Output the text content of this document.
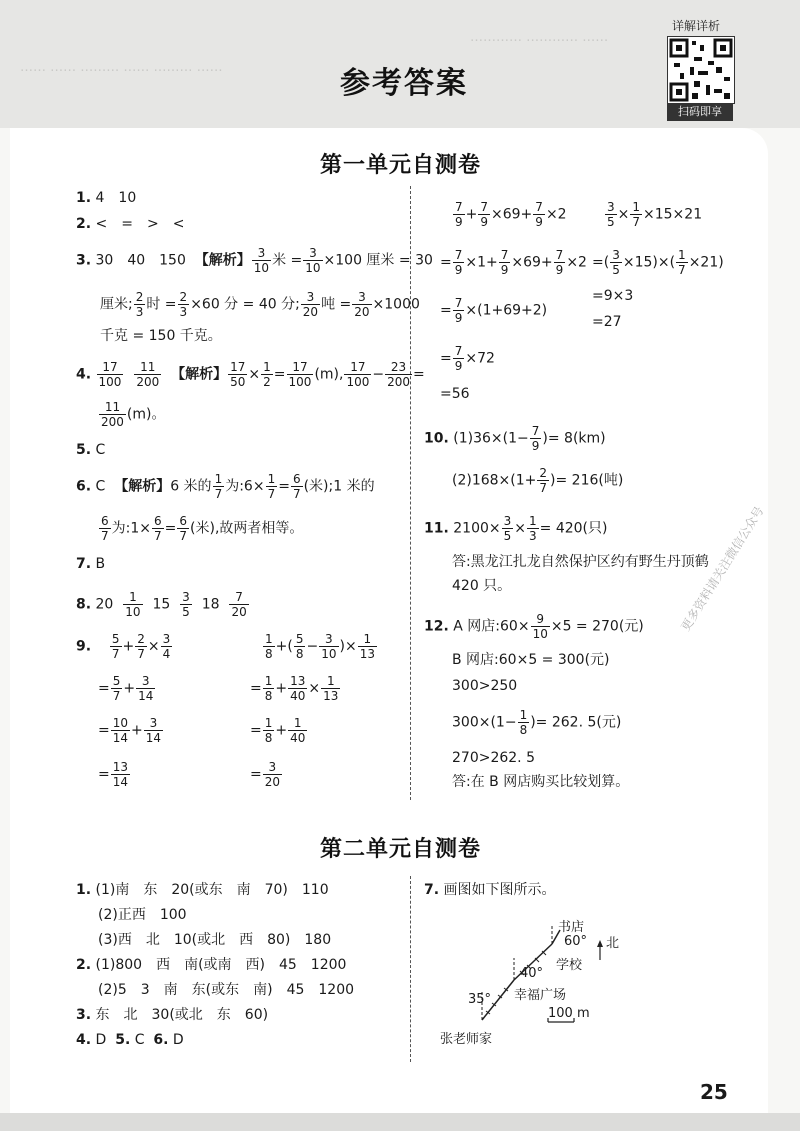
………… ………… ……
…… …… ……… …… ……… ……	参考答案
详解详析
扫码即享
第一单元自测卷
1. 4　10
2. <　=　>　<
3. 30　40　150 【解析】 $\frac{3}{10}$ 米 = $\frac{3}{10} \times 100$ 厘米 = 30
厘米; $\frac{2}{3}$ 时 = $\frac{2}{3} \times 60$ 分 = 40 分; $\frac{3}{20}$ 吨 = $\frac{3}{20} \times 1000$
千克 = 150 千克。
4. $\frac{17}{100}$
$\frac{11}{200}$ 【解析】 $\frac{17}{50} \times \frac{1}{2} = \frac{17}{100} (m)$, $\frac{17}{100} - \frac{23}{200}$ =
$\frac{11}{200} (m)$。
5. C
6. C 【解析】6 米的 $\frac{1}{7}$ 为:6× $\frac{1}{7} = \frac{6}{7}$ (米);1 米的
$\frac{6}{7}$ 为:1× $\frac{6}{7} = \frac{6}{7}$ (米),故两者相等。
7. B
8. $20 \frac{1}{10} 15 \frac{3}{5} 18 \frac{7}{20}$
9. $\frac{5}{7} + \frac{2}{7} \times \frac{3}{4}$
= $\frac{5}{7} + \frac{3}{14}$
= $\frac{10}{14} + \frac{3}{14}$
= $\frac{13}{14}$
$\frac{1}{8}$ +( $\frac{5}{8} - \frac{3}{10}$ )× $\frac{1}{13}$
= $\frac{1}{8} + \frac{13}{40} \times \frac{1}{13}$
= $\frac{1}{8} + \frac{1}{40}$
= $\frac{3}{20}$
$\frac{7}{9} + \frac{7}{9} \times 69+ \frac{7}{9} \times 2$
= $\frac{7}{9} \times 1+ \frac{7}{9} \times 69+ \frac{7}{9} \times 2$
= $\frac{7}{9} \times(1+69+2)$
= $\frac{7}{9} \times 72$
=56
$\frac{3}{5} \times \frac{1}{7} \times 15\times 21$
=( $\frac{3}{5} \times 15)\times( \frac{1}{7} \times 21)$
=9×3
=27
10. $(1)36\times(1- \frac{7}{9}$ )= 8(km)
$(2)168\times(1+ \frac{2}{7}$ )= 216(吨)
11. $2100\times \frac{3}{5} \times \frac{1}{3} = 420$(只)
答:黑龙江扎龙自然保护区约有野生丹顶鹤
420 只。
12. A 网店:60× $\frac{9}{10} \times 5 = 270$(元)
B 网店:60×5 = 300(元)
300>250
$300\times(1- \frac{1}{8}$ )= 262. 5(元)
270>262. 5
答:在 B 网店购买比较划算。
第二单元自测卷
1. (1)南　东　20(或东　南　70)　110
(2)正西　100
(3)西　北　10(或北　西　80)　180
2. (1)800　西　南(或南　西)　45　1200
(2)5　3　南　东(或东　南)　45　1200
3. 东　北　30(或北　东　60)
4. D 5. C 6. D
7. 画图如下图所示。
书店
60° 北
学校
40°
幸福广场
35°
100 m
张老师家
更多资料请关注微信公众号
25
